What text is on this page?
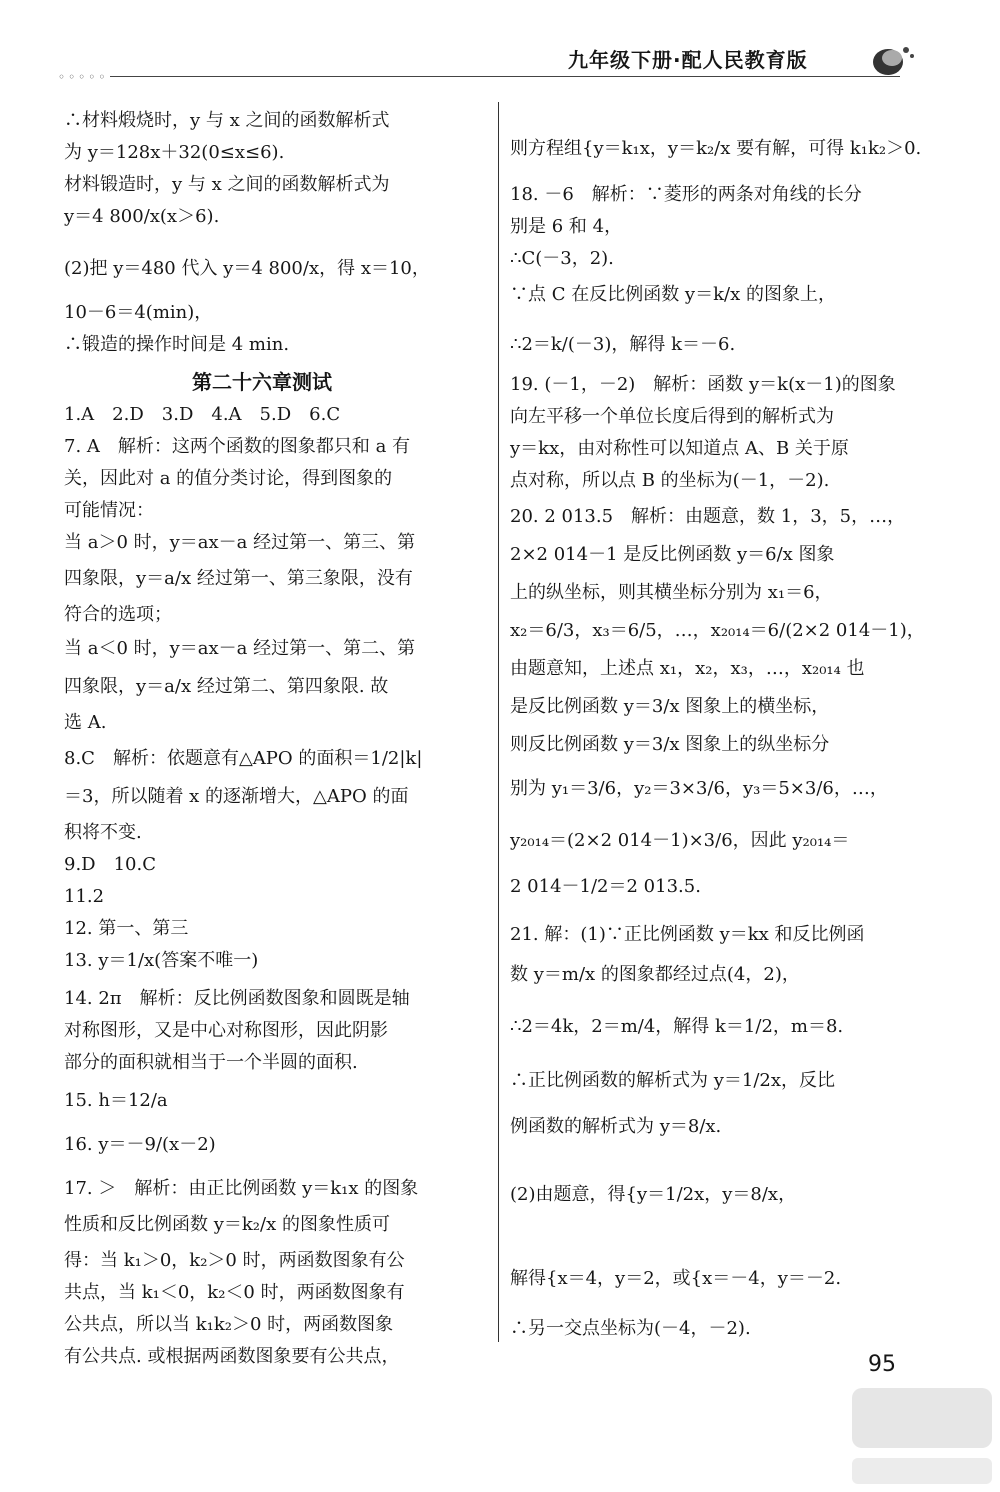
◦◦◦◦◦
九年级下册·配人民教育版
∴材料煅烧时，y 与 x 之间的函数解析式
为 y＝128x＋32(0≤x≤6).
材料锻造时，y 与 x 之间的函数解析式为
y＝4 800/x(x＞6).
(2)把 y＝480 代入 y＝4 800/x，得 x＝10，
10－6＝4(min)，
∴锻造的操作时间是 4 min.
第二十六章测试
1.A　2.D　3.D　4.A　5.D　6.C
7. A　解析：这两个函数的图象都只和 a 有
关，因此对 a 的值分类讨论，得到图象的
可能情况：
当 a＞0 时，y＝ax－a 经过第一、第三、第
四象限，y＝a/x 经过第一、第三象限，没有
符合的选项；
当 a＜0 时，y＝ax－a 经过第一、第二、第
四象限，y＝a/x 经过第二、第四象限. 故
选 A.
8.C　解析：依题意有△APO 的面积＝1/2|k|
＝3，所以随着 x 的逐渐增大，△APO 的面
积将不变.
9.D　10.C
11.2
12. 第一、第三
13. y＝1/x(答案不唯一)
14. 2π　解析：反比例函数图象和圆既是轴
对称图形，又是中心对称图形，因此阴影
部分的面积就相当于一个半圆的面积.
15. h＝12/a
16. y＝－9/(x－2)
17. ＞　解析：由正比例函数 y＝k₁x 的图象
性质和反比例函数 y＝k₂/x 的图象性质可
得：当 k₁＞0，k₂＞0 时，两函数图象有公
共点，当 k₁＜0，k₂＜0 时，两函数图象有
公共点，所以当 k₁k₂＞0 时，两函数图象
有公共点. 或根据两函数图象要有公共点，
则方程组{y＝k₁x，y＝k₂/x 要有解，可得 k₁k₂＞0.
18. －6　解析：∵菱形的两条对角线的长分
别是 6 和 4，
∴C(－3，2).
∵点 C 在反比例函数 y＝k/x 的图象上，
∴2＝k/(－3)，解得 k＝－6.
19. (－1，－2)　解析：函数 y＝k(x－1)的图象
向左平移一个单位长度后得到的解析式为
y＝kx，由对称性可以知道点 A、B 关于原
点对称，所以点 B 的坐标为(－1，－2).
20. 2 013.5　解析：由题意，数 1，3，5，…，
2×2 014－1 是反比例函数 y＝6/x 图象
上的纵坐标，则其横坐标分别为 x₁＝6，
x₂＝6/3，x₃＝6/5，…，x₂₀₁₄＝6/(2×2 014－1)，
由题意知，上述点 x₁，x₂，x₃，…，x₂₀₁₄ 也
是反比例函数 y＝3/x 图象上的横坐标，
则反比例函数 y＝3/x 图象上的纵坐标分
别为 y₁＝3/6，y₂＝3×3/6，y₃＝5×3/6，…，
y₂₀₁₄＝(2×2 014－1)×3/6，因此 y₂₀₁₄＝
2 014－1/2＝2 013.5.
21. 解：(1)∵正比例函数 y＝kx 和反比例函
数 y＝m/x 的图象都经过点(4，2)，
∴2＝4k，2＝m/4，解得 k＝1/2，m＝8.
∴正比例函数的解析式为 y＝1/2x，反比
例函数的解析式为 y＝8/x.
(2)由题意，得{y＝1/2x，y＝8/x，
解得{x＝4，y＝2，或{x＝－4，y＝－2.
∴另一交点坐标为(－4，－2).
95
